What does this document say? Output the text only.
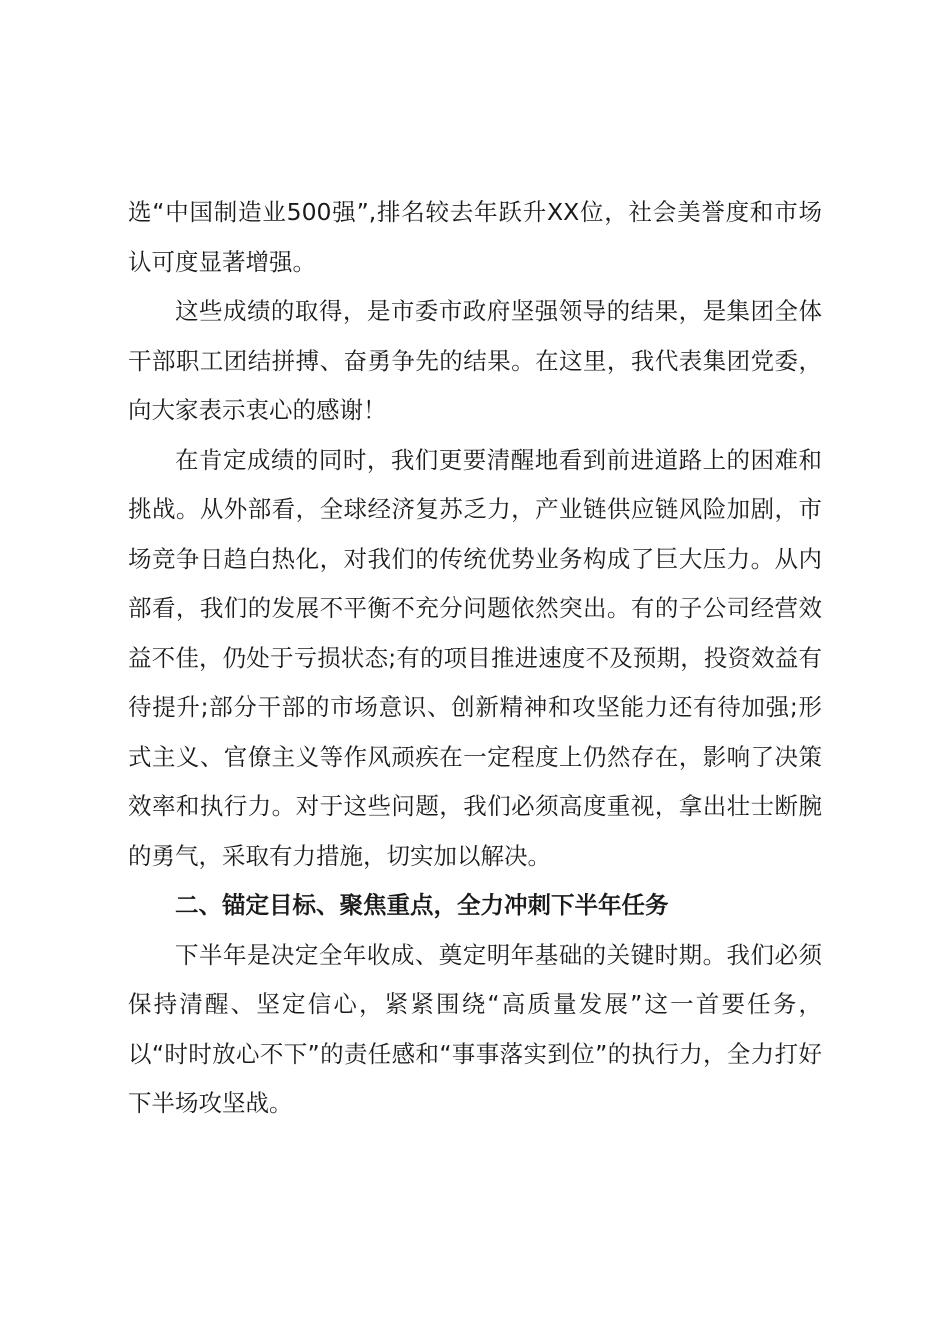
选“中国制造业500强”,排名较去年跃升XX位，社会美誉度和市场认可度显著增强。

这些成绩的取得，是市委市政府坚强领导的结果，是集团全体干部职工团结拼搏、奋勇争先的结果。在这里，我代表集团党委，向大家表示衷心的感谢！

在肯定成绩的同时，我们更要清醒地看到前进道路上的困难和挑战。从外部看，全球经济复苏乏力，产业链供应链风险加剧，市场竞争日趋白热化，对我们的传统优势业务构成了巨大压力。从内部看，我们的发展不平衡不充分问题依然突出。有的子公司经营效益不佳，仍处于亏损状态;有的项目推进速度不及预期，投资效益有待提升;部分干部的市场意识、创新精神和攻坚能力还有待加强;形式主义、官僚主义等作风顽疾在一定程度上仍然存在，影响了决策效率和执行力。对于这些问题，我们必须高度重视，拿出壮士断腕的勇气，采取有力措施，切实加以解决。

二、锚定目标、聚焦重点，全力冲刺下半年任务

下半年是决定全年收成、奠定明年基础的关键时期。我们必须保持清醒、坚定信心，紧紧围绕“高质量发展”这一首要任务，以“时时放心不下”的责任感和“事事落实到位”的执行力，全力打好下半场攻坚战。
